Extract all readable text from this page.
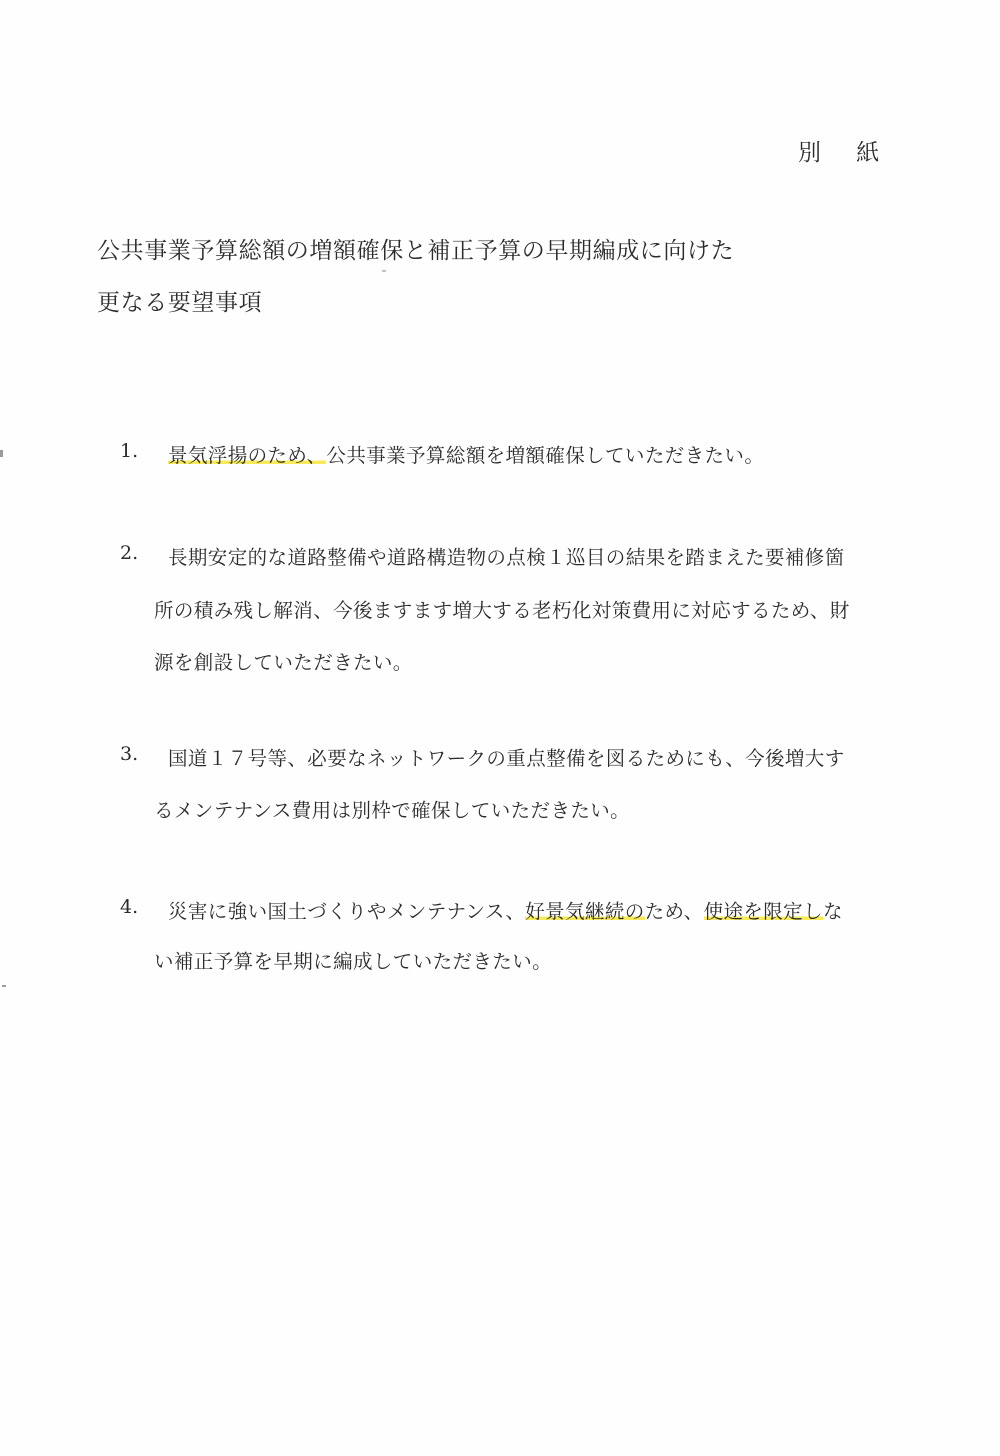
別 紙
公共事業予算総額の増額確保と補正予算の早期編成に向けた
更なる要望事項
1. 景気浮揚のため、公共事業予算総額を増額確保していただきたい。
2. 長期安定的な道路整備や道路構造物の点検１巡目の結果を踏まえた要補修箇
所の積み残し解消、今後ますます増大する老朽化対策費用に対応するため、財
源を創設していただきたい。
3. 国道１７号等、必要なネットワークの重点整備を図るためにも、今後増大す
るメンテナンス費用は別枠で確保していただきたい。
4. 災害に強い国土づくりやメンテナンス、好景気継続のため、使途を限定しな
い補正予算を早期に編成していただきたい。
